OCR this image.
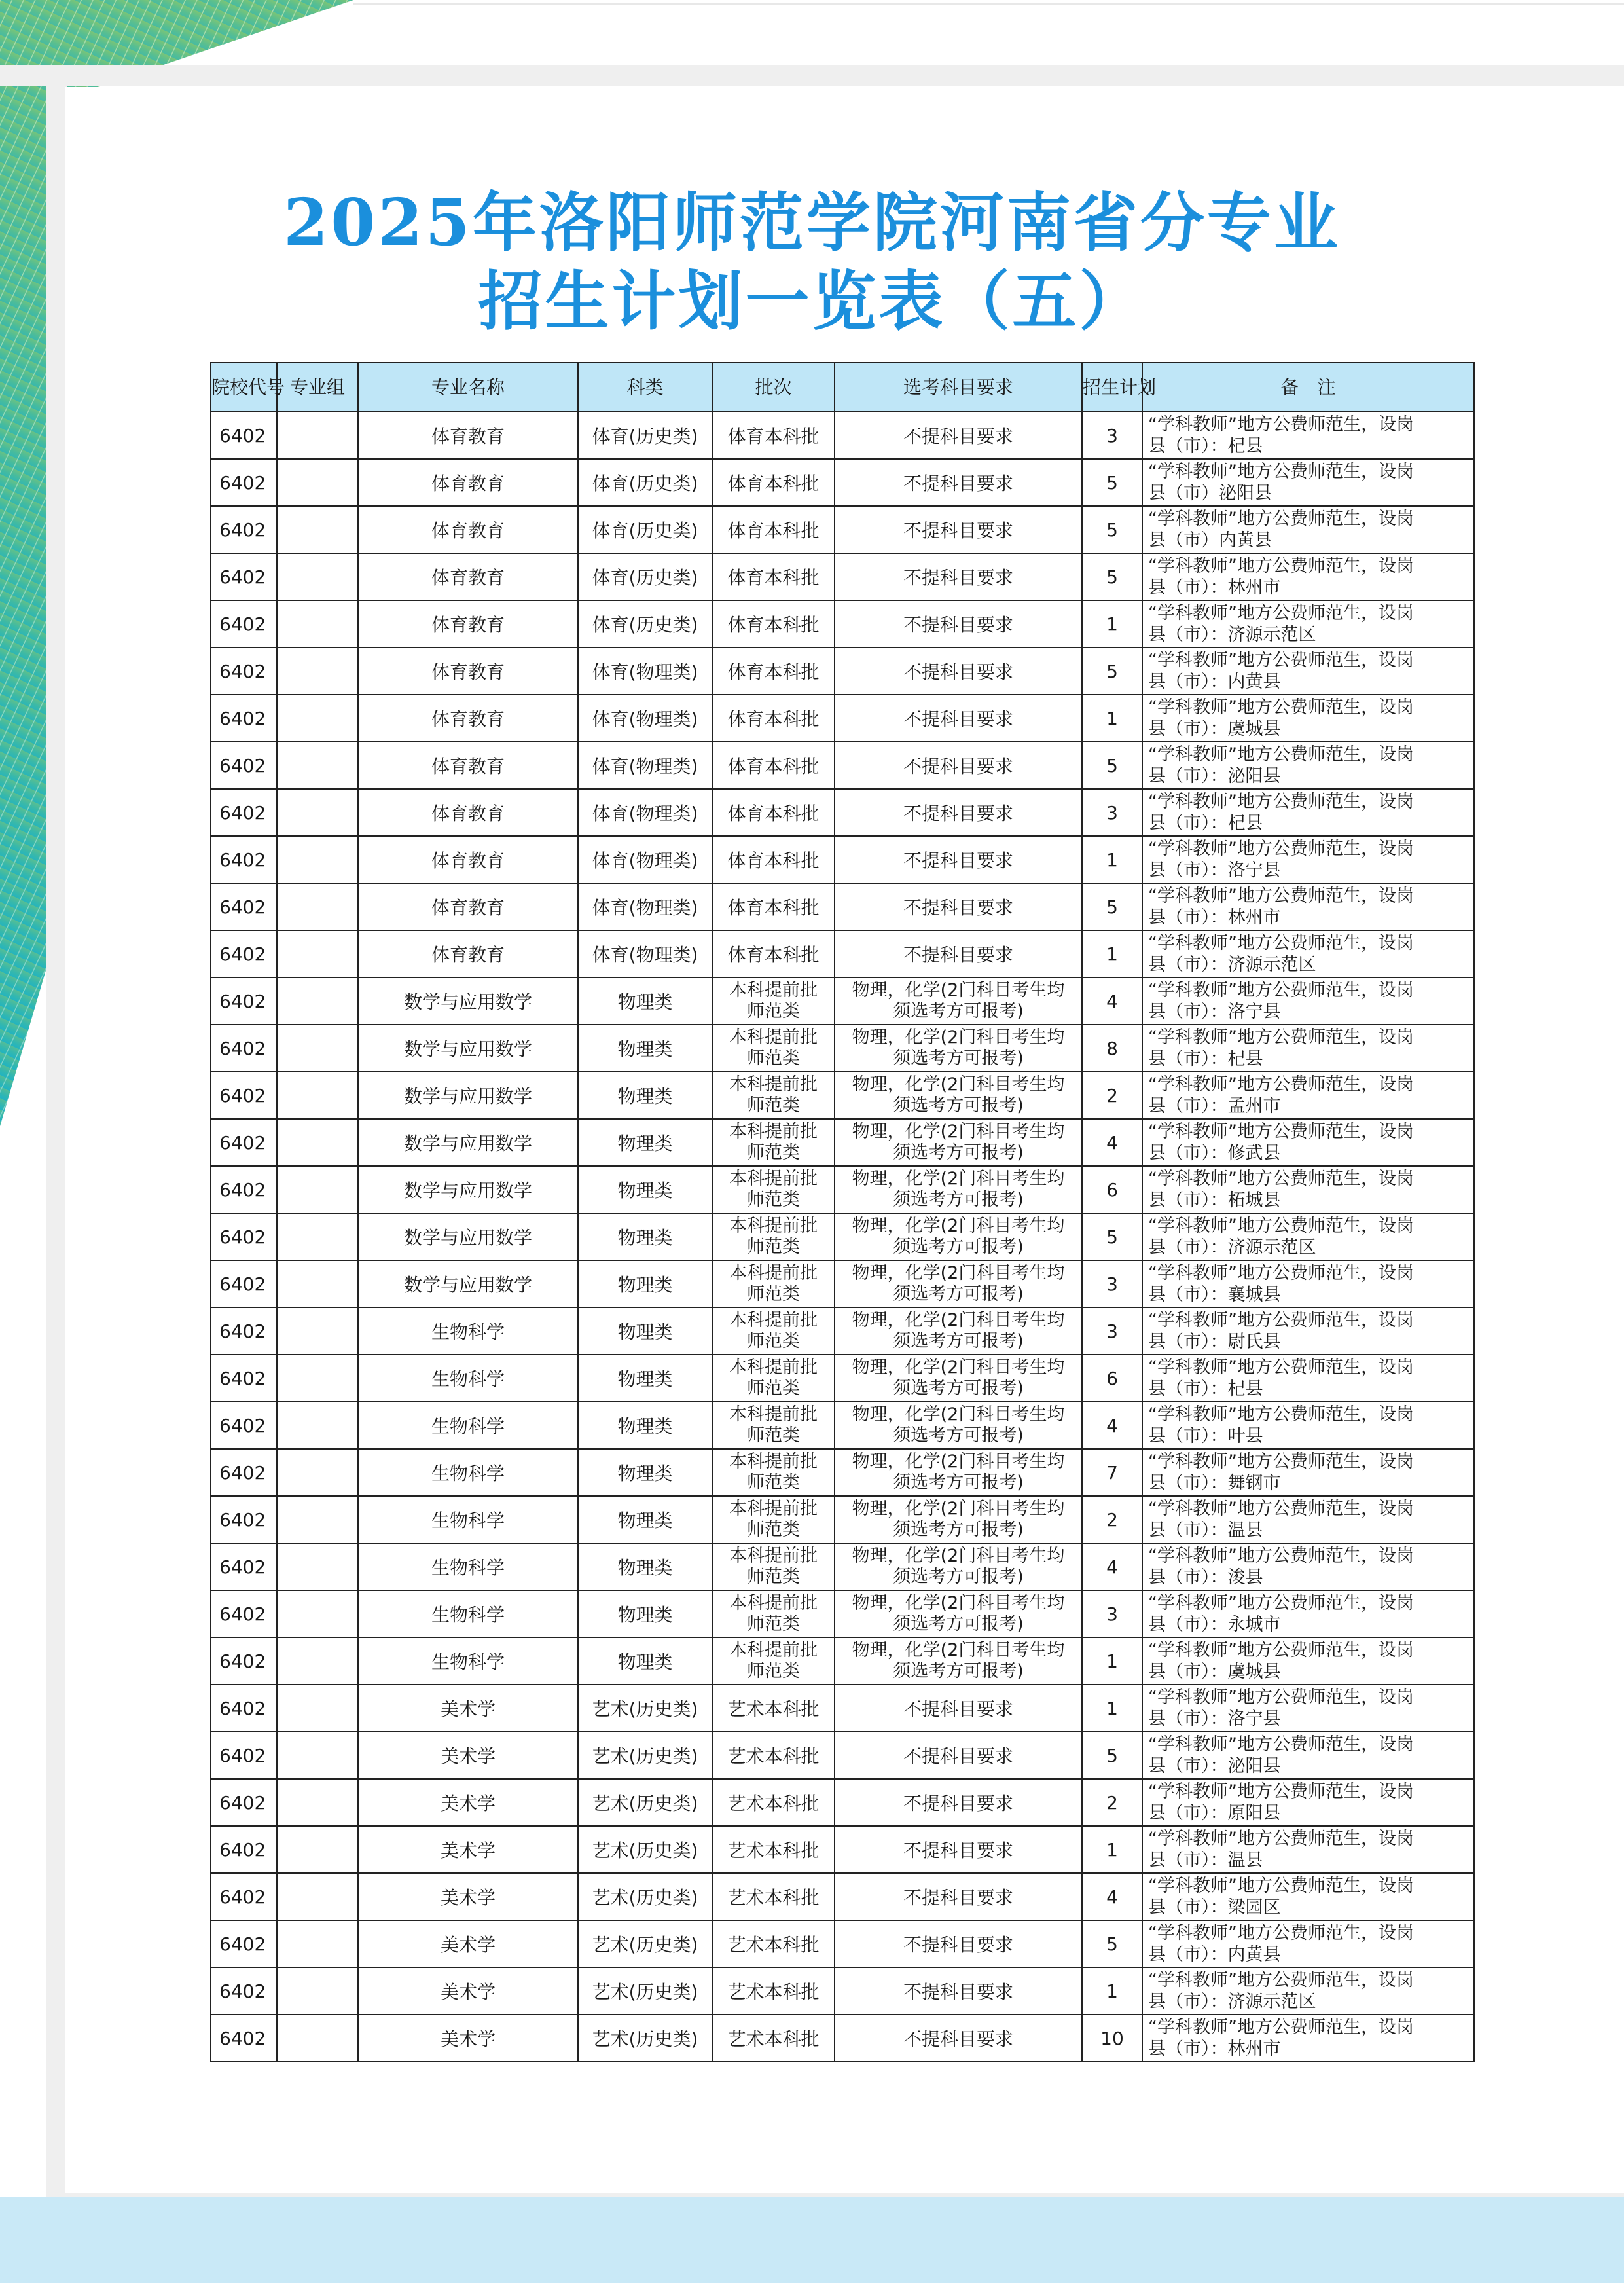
2025年洛阳师范学院河南省分专业
招生计划一览表（五）
院校代号	专业组	专业名称	科类	批次	选考科目要求	招生计划	备　注
6402		体育教育	体育(历史类)	体育本科批	不提科目要求	3	“学科教师”地方公费师范生，设岗
县（市）：杞县

6402		体育教育	体育(历史类)	体育本科批	不提科目要求	5	“学科教师”地方公费师范生，设岗
县（市）泌阳县

6402		体育教育	体育(历史类)	体育本科批	不提科目要求	5	“学科教师”地方公费师范生，设岗
县（市）内黄县

6402		体育教育	体育(历史类)	体育本科批	不提科目要求	5	“学科教师”地方公费师范生，设岗
县（市）：林州市

6402		体育教育	体育(历史类)	体育本科批	不提科目要求	1	“学科教师”地方公费师范生，设岗
县（市）：济源示范区

6402		体育教育	体育(物理类)	体育本科批	不提科目要求	5	“学科教师”地方公费师范生，设岗
县（市）：内黄县

6402		体育教育	体育(物理类)	体育本科批	不提科目要求	1	“学科教师”地方公费师范生，设岗
县（市）：虞城县

6402		体育教育	体育(物理类)	体育本科批	不提科目要求	5	“学科教师”地方公费师范生，设岗
县（市）：泌阳县

6402		体育教育	体育(物理类)	体育本科批	不提科目要求	3	“学科教师”地方公费师范生，设岗
县（市）：杞县

6402		体育教育	体育(物理类)	体育本科批	不提科目要求	1	“学科教师”地方公费师范生，设岗
县（市）：洛宁县

6402		体育教育	体育(物理类)	体育本科批	不提科目要求	5	“学科教师”地方公费师范生，设岗
县（市）：林州市

6402		体育教育	体育(物理类)	体育本科批	不提科目要求	1	“学科教师”地方公费师范生，设岗
县（市）：济源示范区

6402		数学与应用数学	物理类	本科提前批
师范类	物理，化学(2门科目考生均
须选考方可报考)	4	“学科教师”地方公费师范生，设岗
县（市）：洛宁县

6402		数学与应用数学	物理类	本科提前批
师范类	物理，化学(2门科目考生均
须选考方可报考)	8	“学科教师”地方公费师范生，设岗
县（市）：杞县

6402		数学与应用数学	物理类	本科提前批
师范类	物理，化学(2门科目考生均
须选考方可报考)	2	“学科教师”地方公费师范生，设岗
县（市）：孟州市

6402		数学与应用数学	物理类	本科提前批
师范类	物理，化学(2门科目考生均
须选考方可报考)	4	“学科教师”地方公费师范生，设岗
县（市）：修武县

6402		数学与应用数学	物理类	本科提前批
师范类	物理，化学(2门科目考生均
须选考方可报考)	6	“学科教师”地方公费师范生，设岗
县（市）：柘城县

6402		数学与应用数学	物理类	本科提前批
师范类	物理，化学(2门科目考生均
须选考方可报考)	5	“学科教师”地方公费师范生，设岗
县（市）：济源示范区

6402		数学与应用数学	物理类	本科提前批
师范类	物理，化学(2门科目考生均
须选考方可报考)	3	“学科教师”地方公费师范生，设岗
县（市）：襄城县

6402		生物科学	物理类	本科提前批
师范类	物理，化学(2门科目考生均
须选考方可报考)	3	“学科教师”地方公费师范生，设岗
县（市）：尉氏县

6402		生物科学	物理类	本科提前批
师范类	物理，化学(2门科目考生均
须选考方可报考)	6	“学科教师”地方公费师范生，设岗
县（市）：杞县

6402		生物科学	物理类	本科提前批
师范类	物理，化学(2门科目考生均
须选考方可报考)	4	“学科教师”地方公费师范生，设岗
县（市）：叶县

6402		生物科学	物理类	本科提前批
师范类	物理，化学(2门科目考生均
须选考方可报考)	7	“学科教师”地方公费师范生，设岗
县（市）：舞钢市

6402		生物科学	物理类	本科提前批
师范类	物理，化学(2门科目考生均
须选考方可报考)	2	“学科教师”地方公费师范生，设岗
县（市）：温县

6402		生物科学	物理类	本科提前批
师范类	物理，化学(2门科目考生均
须选考方可报考)	4	“学科教师”地方公费师范生，设岗
县（市）：浚县

6402		生物科学	物理类	本科提前批
师范类	物理，化学(2门科目考生均
须选考方可报考)	3	“学科教师”地方公费师范生，设岗
县（市）：永城市

6402		生物科学	物理类	本科提前批
师范类	物理，化学(2门科目考生均
须选考方可报考)	1	“学科教师”地方公费师范生，设岗
县（市）：虞城县

6402		美术学	艺术(历史类)	艺术本科批	不提科目要求	1	“学科教师”地方公费师范生，设岗
县（市）：洛宁县

6402		美术学	艺术(历史类)	艺术本科批	不提科目要求	5	“学科教师”地方公费师范生，设岗
县（市）：泌阳县

6402		美术学	艺术(历史类)	艺术本科批	不提科目要求	2	“学科教师”地方公费师范生，设岗
县（市）：原阳县

6402		美术学	艺术(历史类)	艺术本科批	不提科目要求	1	“学科教师”地方公费师范生，设岗
县（市）：温县

6402		美术学	艺术(历史类)	艺术本科批	不提科目要求	4	“学科教师”地方公费师范生，设岗
县（市）：梁园区

6402		美术学	艺术(历史类)	艺术本科批	不提科目要求	5	“学科教师”地方公费师范生，设岗
县（市）：内黄县

6402		美术学	艺术(历史类)	艺术本科批	不提科目要求	1	“学科教师”地方公费师范生，设岗
县（市）：济源示范区

6402		美术学	艺术(历史类)	艺术本科批	不提科目要求	10	“学科教师”地方公费师范生，设岗
县（市）：林州市
